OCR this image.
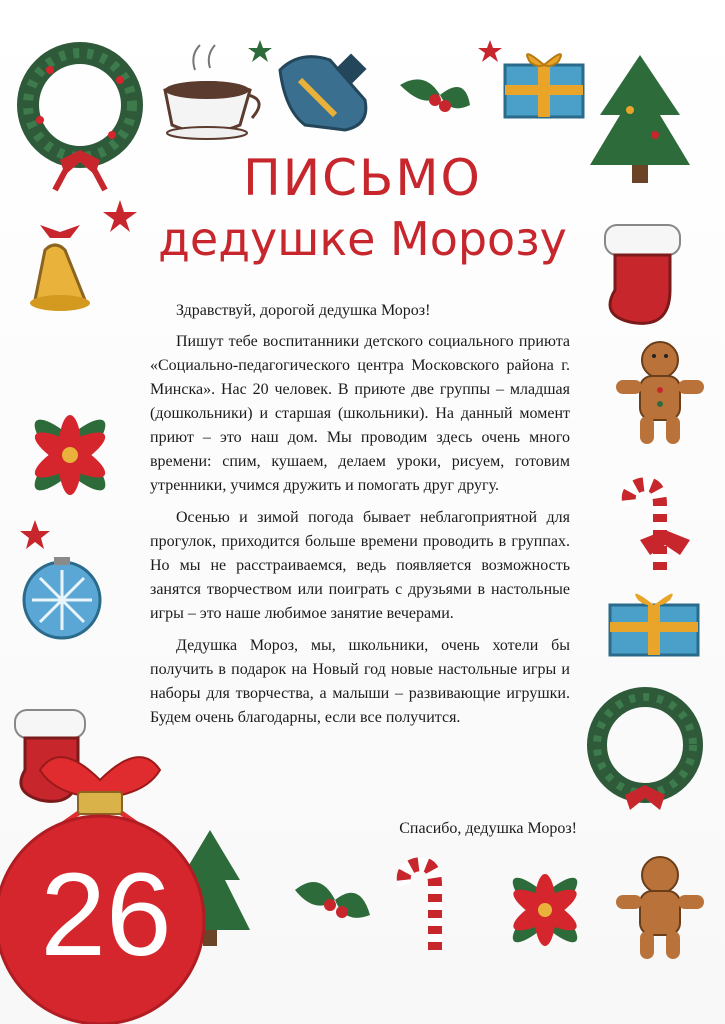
ПИСЬМО
дедушке Морозу
Здравствуй, дорогой дедушка Мороз!

Пишут тебе воспитанники детского социального приюта «Социально-педагогического центра Московского района г. Минска». Нас 20 человек. В приюте две группы – младшая (дошкольники) и старшая (школьники). На данный момент приют – это наш дом. Мы проводим здесь очень много времени: спим, кушаем, делаем уроки, рисуем, готовим утренники, учимся дружить и помогать друг другу.

Осенью и зимой погода бывает неблагоприятной для прогулок, приходится больше времени проводить в группах. Но мы не расстраиваемся, ведь появляется возможность занятся творчеством или поиграть с друзьями в настольные игры – это наше любимое занятие вечерами.

Дедушка Мороз, мы, школьники, очень хотели бы получить в подарок на Новый год новые настольные игры и наборы для творчества, а малыши – развивающие игрушки. Будем очень благодарны, если все получится.

Спасибо, дедушка Мороз!
26
